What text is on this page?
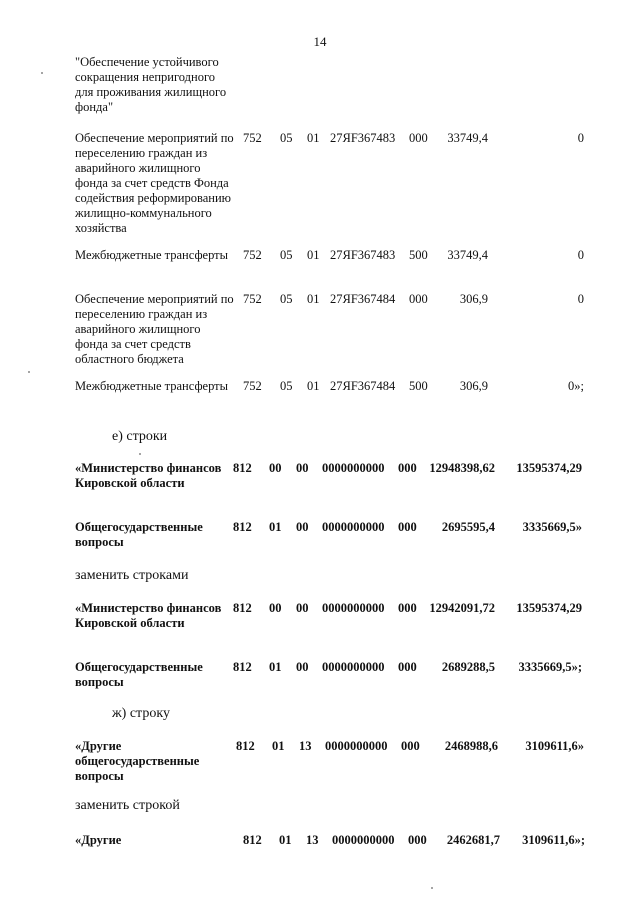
14
"Обеспечение устойчивого сокращения непригодного для проживания жилищного фонда"
Обеспечение мероприятий по переселению граждан из аварийного жилищного фонда за счет средств Фонда содействия реформированию жилищно-коммунального хозяйства
752 05 01 27ЯF367483 000	33749,4	0
Межбюджетные трансферты	752 05 01 27ЯF367483 500	33749,4	0
Обеспечение мероприятий по переселению граждан из аварийного жилищного фонда за счет средств областного бюджета
752 05 01 27ЯF367484 000	306,9	0
Межбюджетные трансферты	752 05 01 27ЯF367484 500	306,9	0»;
е) строки
«Министерство финансов Кировской области
812 00 00 0000000000 000	12948398,62	13595374,29
Общегосударственные вопросы
812 01 00 0000000000 000	2695595,4	3335669,5»
заменить строками
«Министерство финансов Кировской области
812 00 00 0000000000 000	12942091,72	13595374,29
Общегосударственные вопросы
812 01 00 0000000000 000	2689288,5	3335669,5»;
ж) строку
«Другие общегосударственные вопросы
812 01 13 0000000000 000	2468988,6	3109611,6»
заменить строкой
«Другие	812 01 13 0000000000 000	2462681,7	3109611,6»;
